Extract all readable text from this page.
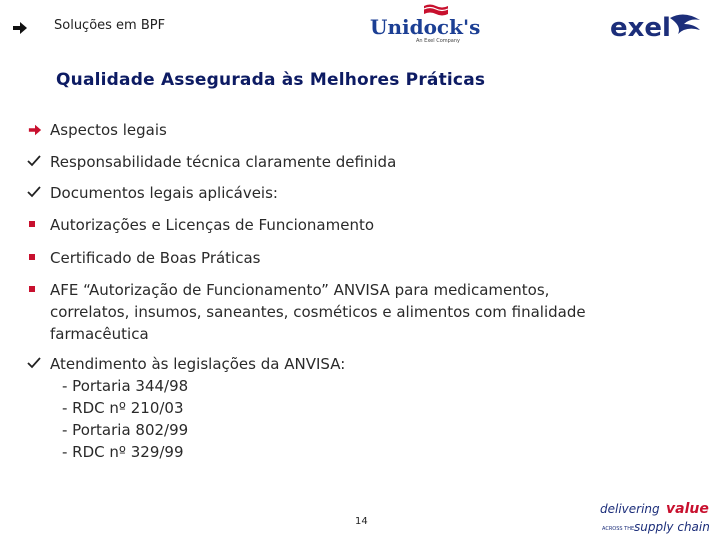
Soluções em BPF	Unidock's
An Exel Company	exel
Qualidade Assegurada às Melhores Práticas
Aspectos legais
Responsabilidade técnica claramente definida
Documentos legais aplicáveis:
Autorizações e Licenças de Funcionamento
Certificado de Boas Práticas
AFE “Autorização de Funcionamento” ANVISA para medicamentos,
correlatos, insumos, saneantes, cosméticos e alimentos com finalidade
farmacêutica
Atendimento às legislações da ANVISA:
- Portaria 344/98
- RDC nº 210/03
- Portaria 802/99
- RDC nº 329/99
14
delivering value
ACROSS THE supply chain
